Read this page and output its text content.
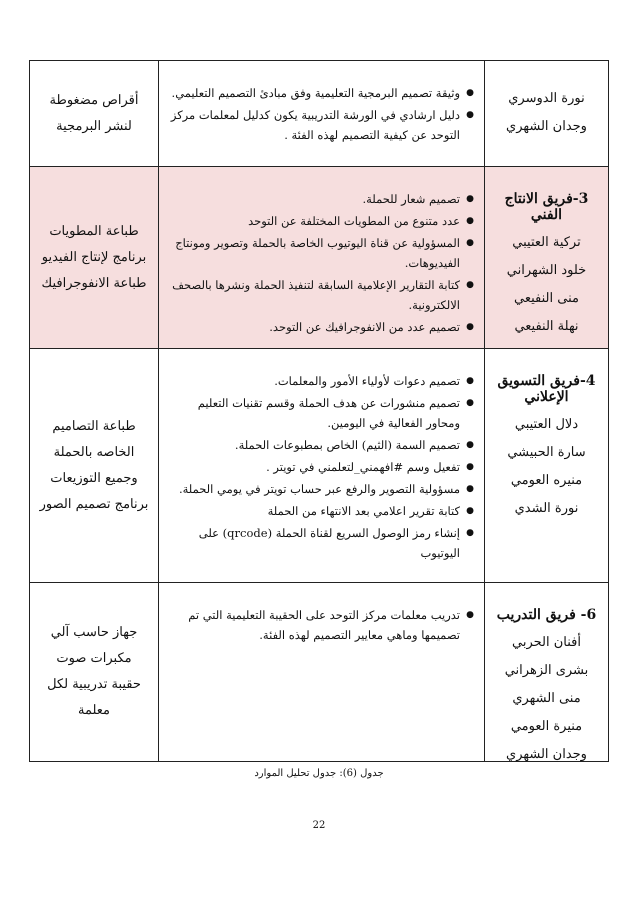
نورة الدوسري
وجدان الشهري
● وثيقة تصميم البرمجية التعليمية وفق مبادئ التصميم التعليمي.
● دليل ارشادي في الورشة التدريبية يكون كدليل لمعلمات مركز التوحد عن كيفية التصميم لهذه الفئة .
أقراص مضغوطة
لنشر البرمجية
3-فريق الانتاج الفني
تركية العتيبي
خلود الشهراني
منى النفيعي
نهلة النفيعي
● تصميم شعار للحملة.
● عدد متنوع من المطويات المختلفة عن التوحد
● المسؤولية عن قناة اليوتيوب الخاصة بالحملة وتصوير ومونتاج الفيديوهات.
● كتابة التقارير الإعلامية السابقة لتنفيذ الحملة ونشرها بالصحف الالكترونية.
● تصميم عدد من الانفوجرافيك عن التوحد.
طباعة المطويات
برنامج لإنتاج الفيديو
طباعة الانفوجرافيك
4-فريق التسويق الإعلاني
دلال العتيبي
سارة الحبيشي
منيره العومي
نورة الشدي
● تصميم دعوات لأولياء الأمور والمعلمات.
● تصميم منشورات عن هدف الحملة وقسم تقنيات التعليم ومحاور الفعالية في اليومين.
● تصميم السمة (الثيم) الخاص بمطبوعات الحملة.
● تفعيل وسم #افهمني_لتعلمني في تويتر .
● مسؤولية التصوير والرفع عبر حساب تويتر في يومي الحملة.
● كتابة تقرير اعلامي بعد الانتهاء من الحملة
● إنشاء رمز الوصول السريع لقناة الحملة (qrcode) على اليوتيوب
طباعة التصاميم
الخاصه بالحملة
وجميع التوزيعات
برنامج تصميم الصور
6- فريق التدريب
أفنان الحربي
بشرى الزهراني
منى الشهري
منيرة العومي
وجدان الشهري
● تدريب معلمات مركز التوحد على الحقيبة التعليمية التي تم تصميمها وماهي معايير التصميم لهذه الفئة.
جهاز حاسب آلي
مكبرات صوت
حقيبة تدريبية لكل
معلمة
جدول (6): جدول تحليل الموارد
22
